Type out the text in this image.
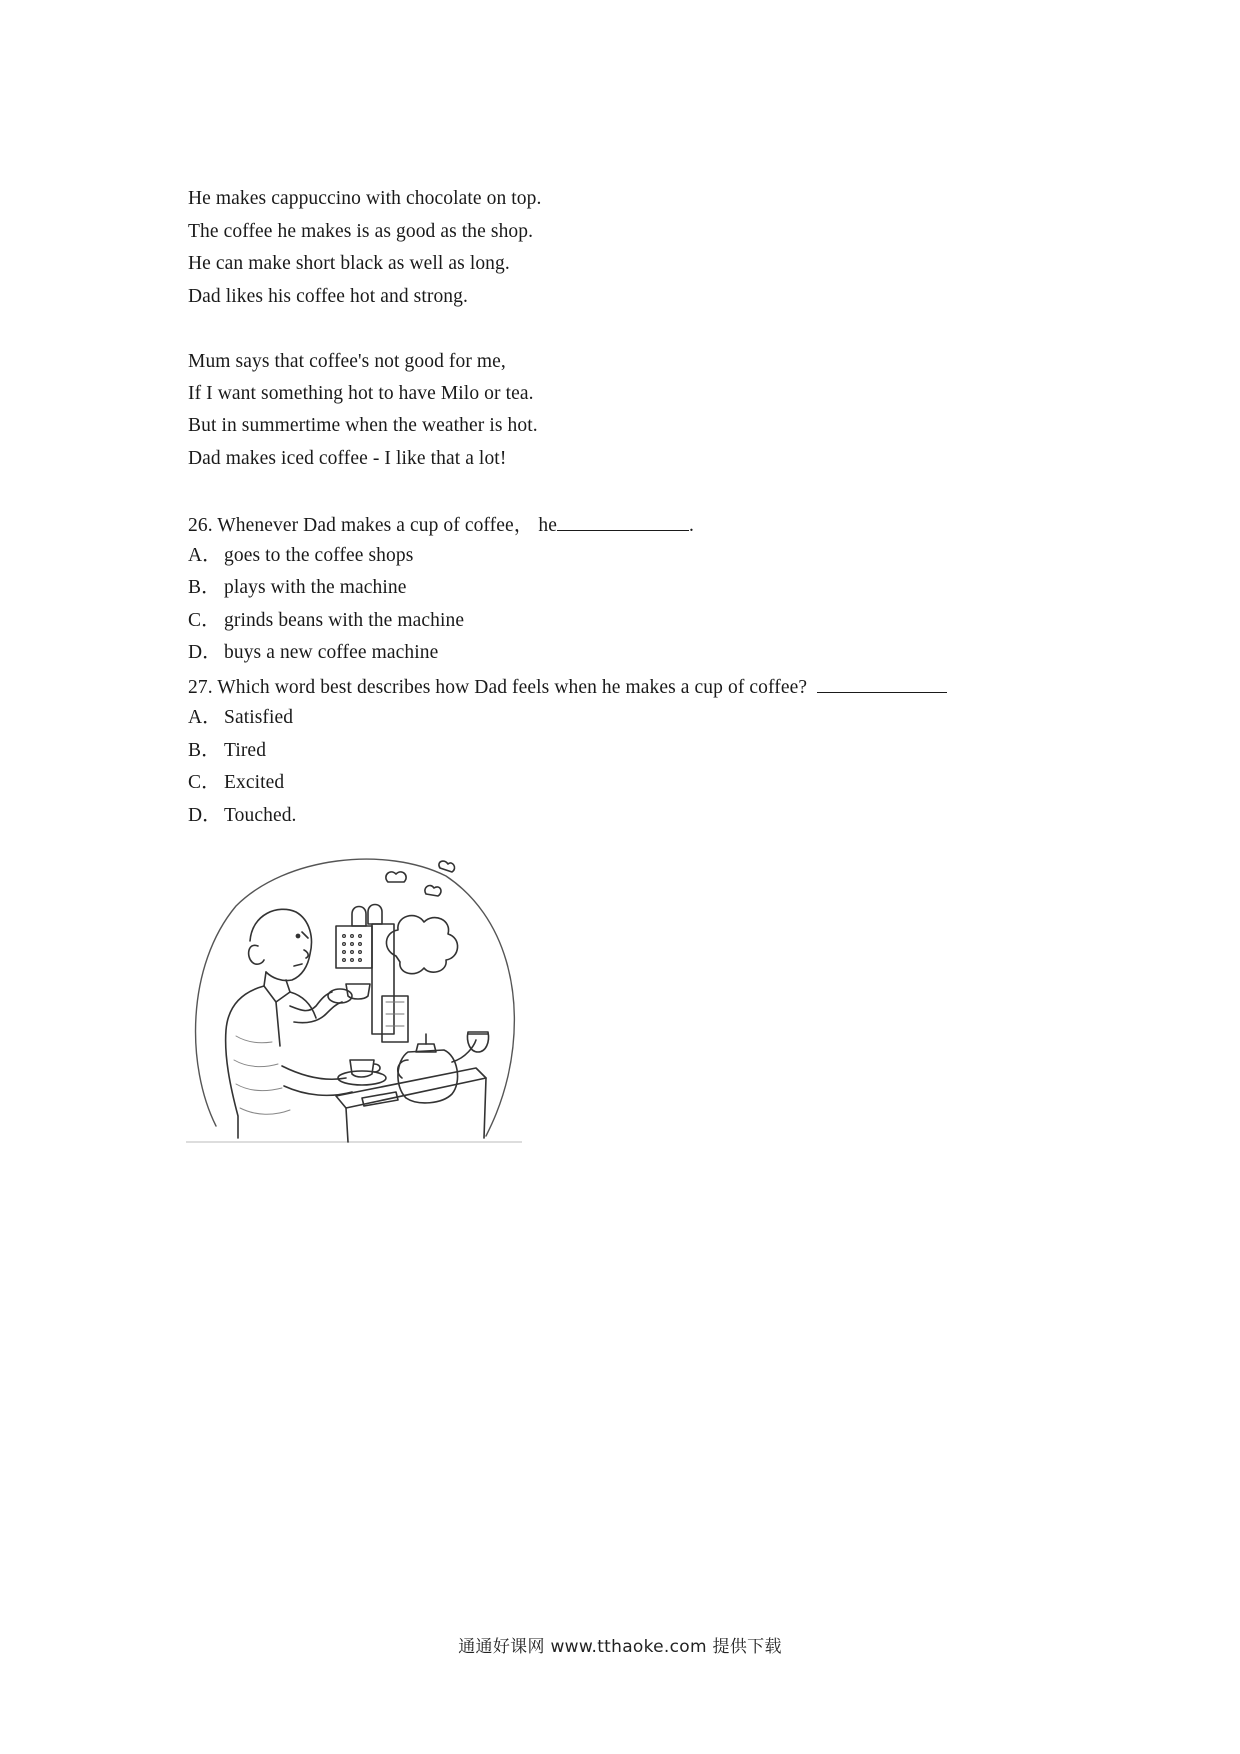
He makes cappuccino with chocolate on top.
The coffee he makes is as good as the shop.
He can make short black as well as long.
Dad likes his coffee hot and strong.
Mum says that coffee's not good for me,
If I want something hot to have Milo or tea.
But in summertime when the weather is hot.
Dad makes iced coffee - I like that a lot!
26. Whenever Dad makes a cup of coffee， he	.
A． goes to the coffee shops
B． plays with the machine
C． grinds beans with the machine
D． buys a new coffee machine
27. Which word best describes how Dad feels when he makes a cup of coffee?
A． Satisfied
B． Tired
C． Excited
D． Touched.
通通好课网 www.tthaoke.com 提供下载
